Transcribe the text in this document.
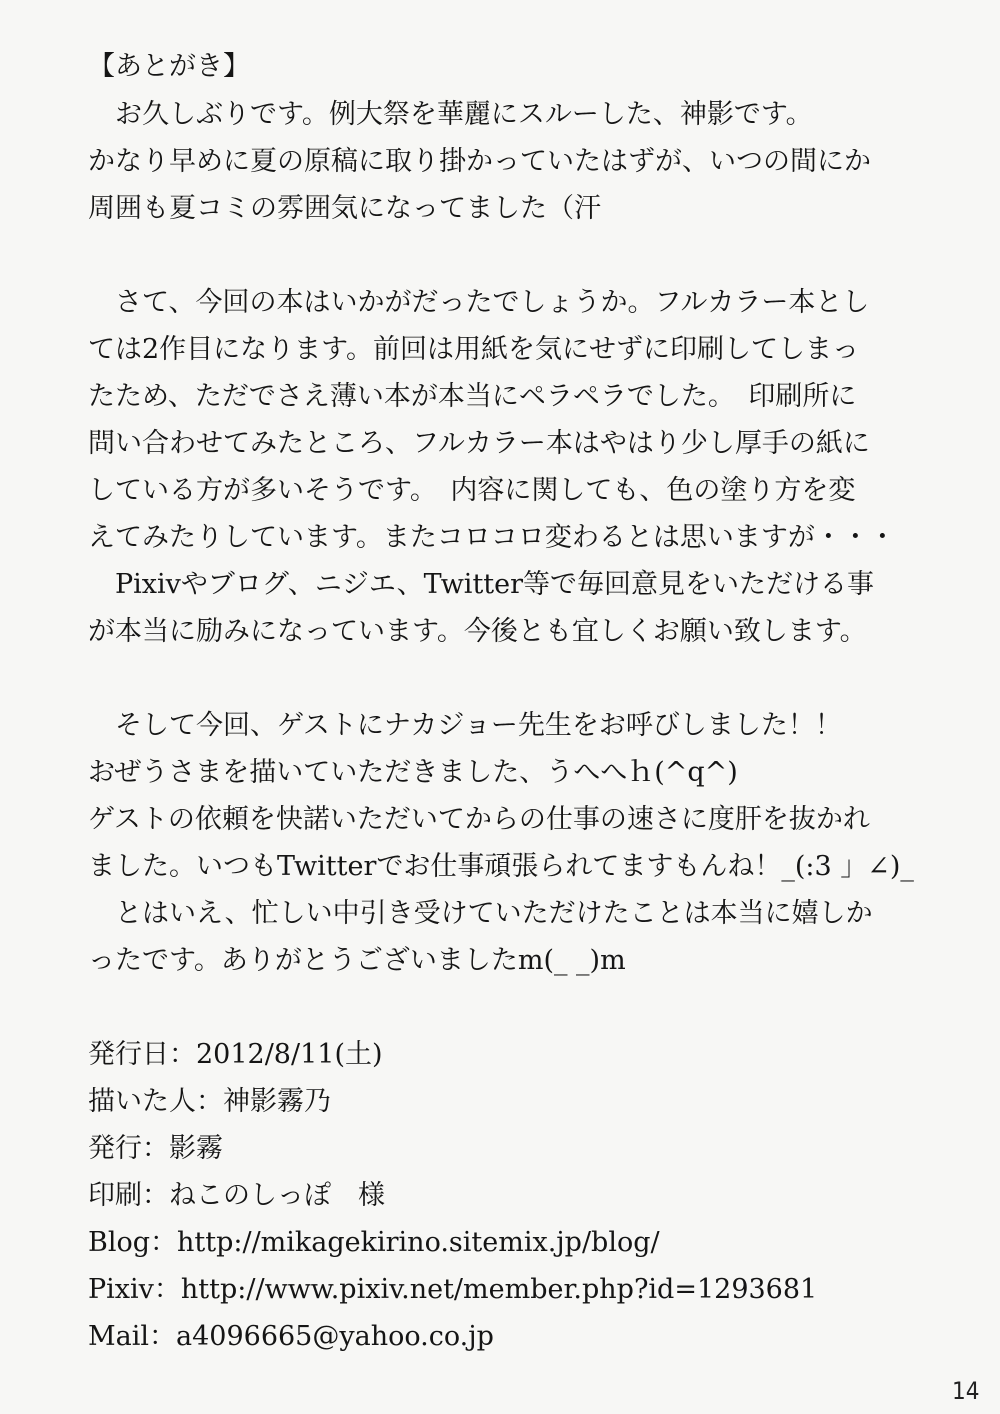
【あとがき】
お久しぶりです。例大祭を華麗にスルーした、神影です。
かなり早めに夏の原稿に取り掛かっていたはずが、いつの間にか
周囲も夏コミの雰囲気になってました（汗
さて、今回の本はいかがだったでしょうか。フルカラー本とし
ては2作目になります。前回は用紙を気にせずに印刷してしまっ
たため、ただでさえ薄い本が本当にペラペラでした。　印刷所に
問い合わせてみたところ、フルカラー本はやはり少し厚手の紙に
している方が多いそうです。　内容に関しても、色の塗り方を変
えてみたりしています。またコロコロ変わるとは思いますが・・・
Pixivやブログ、ニジエ、Twitter等で毎回意見をいただける事
が本当に励みになっています。今後とも宜しくお願い致します。
そして今回、ゲストにナカジョー先生をお呼びしました！！
おぜうさまを描いていただきました、うへへｈ(^q^)
ゲストの依頼を快諾いただいてからの仕事の速さに度肝を抜かれ
ました。いつもTwitterでお仕事頑張られてますもんね！_(:3 」∠)_
とはいえ、忙しい中引き受けていただけたことは本当に嬉しか
ったです。ありがとうございましたm(_ _)m
発行日：2012/8/11(土)
描いた人：神影霧乃
発行：影霧
印刷：ねこのしっぽ　様
Blog：http://mikagekirino.sitemix.jp/blog/
Pixiv：http://www.pixiv.net/member.php?id=1293681
Mail：a4096665@yahoo.co.jp
14
